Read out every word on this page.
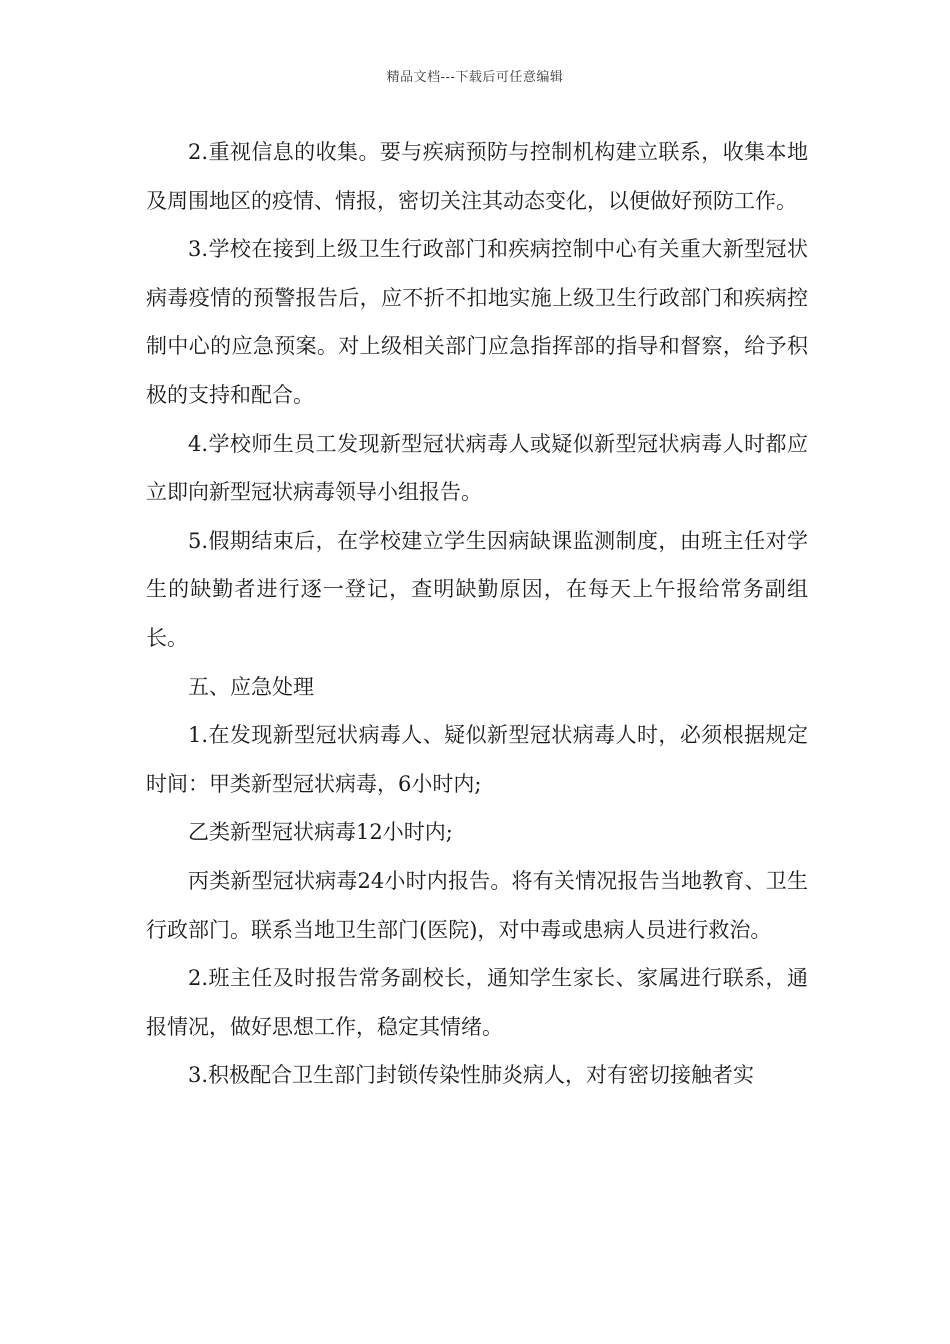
精品文档---下载后可任意编辑

2.重视信息的收集。要与疾病预防与控制机构建立联系，收集本地及周围地区的疫情、情报，密切关注其动态变化，以便做好预防工作。

3.学校在接到上级卫生行政部门和疾病控制中心有关重大新型冠状病毒疫情的预警报告后，应不折不扣地实施上级卫生行政部门和疾病控制中心的应急预案。对上级相关部门应急指挥部的指导和督察，给予积极的支持和配合。

4.学校师生员工发现新型冠状病毒人或疑似新型冠状病毒人时都应立即向新型冠状病毒领导小组报告。

5.假期结束后，在学校建立学生因病缺课监测制度，由班主任对学生的缺勤者进行逐一登记，查明缺勤原因，在每天上午报给常务副组长。

五、应急处理

1.在发现新型冠状病毒人、疑似新型冠状病毒人时，必须根据规定时间：甲类新型冠状病毒，6小时内;

乙类新型冠状病毒12小时内;

丙类新型冠状病毒24小时内报告。将有关情况报告当地教育、卫生行政部门。联系当地卫生部门(医院)，对中毒或患病人员进行救治。

2.班主任及时报告常务副校长，通知学生家长、家属进行联系，通报情况，做好思想工作，稳定其情绪。

3.积极配合卫生部门封锁传染性肺炎病人，对有密切接触者实
